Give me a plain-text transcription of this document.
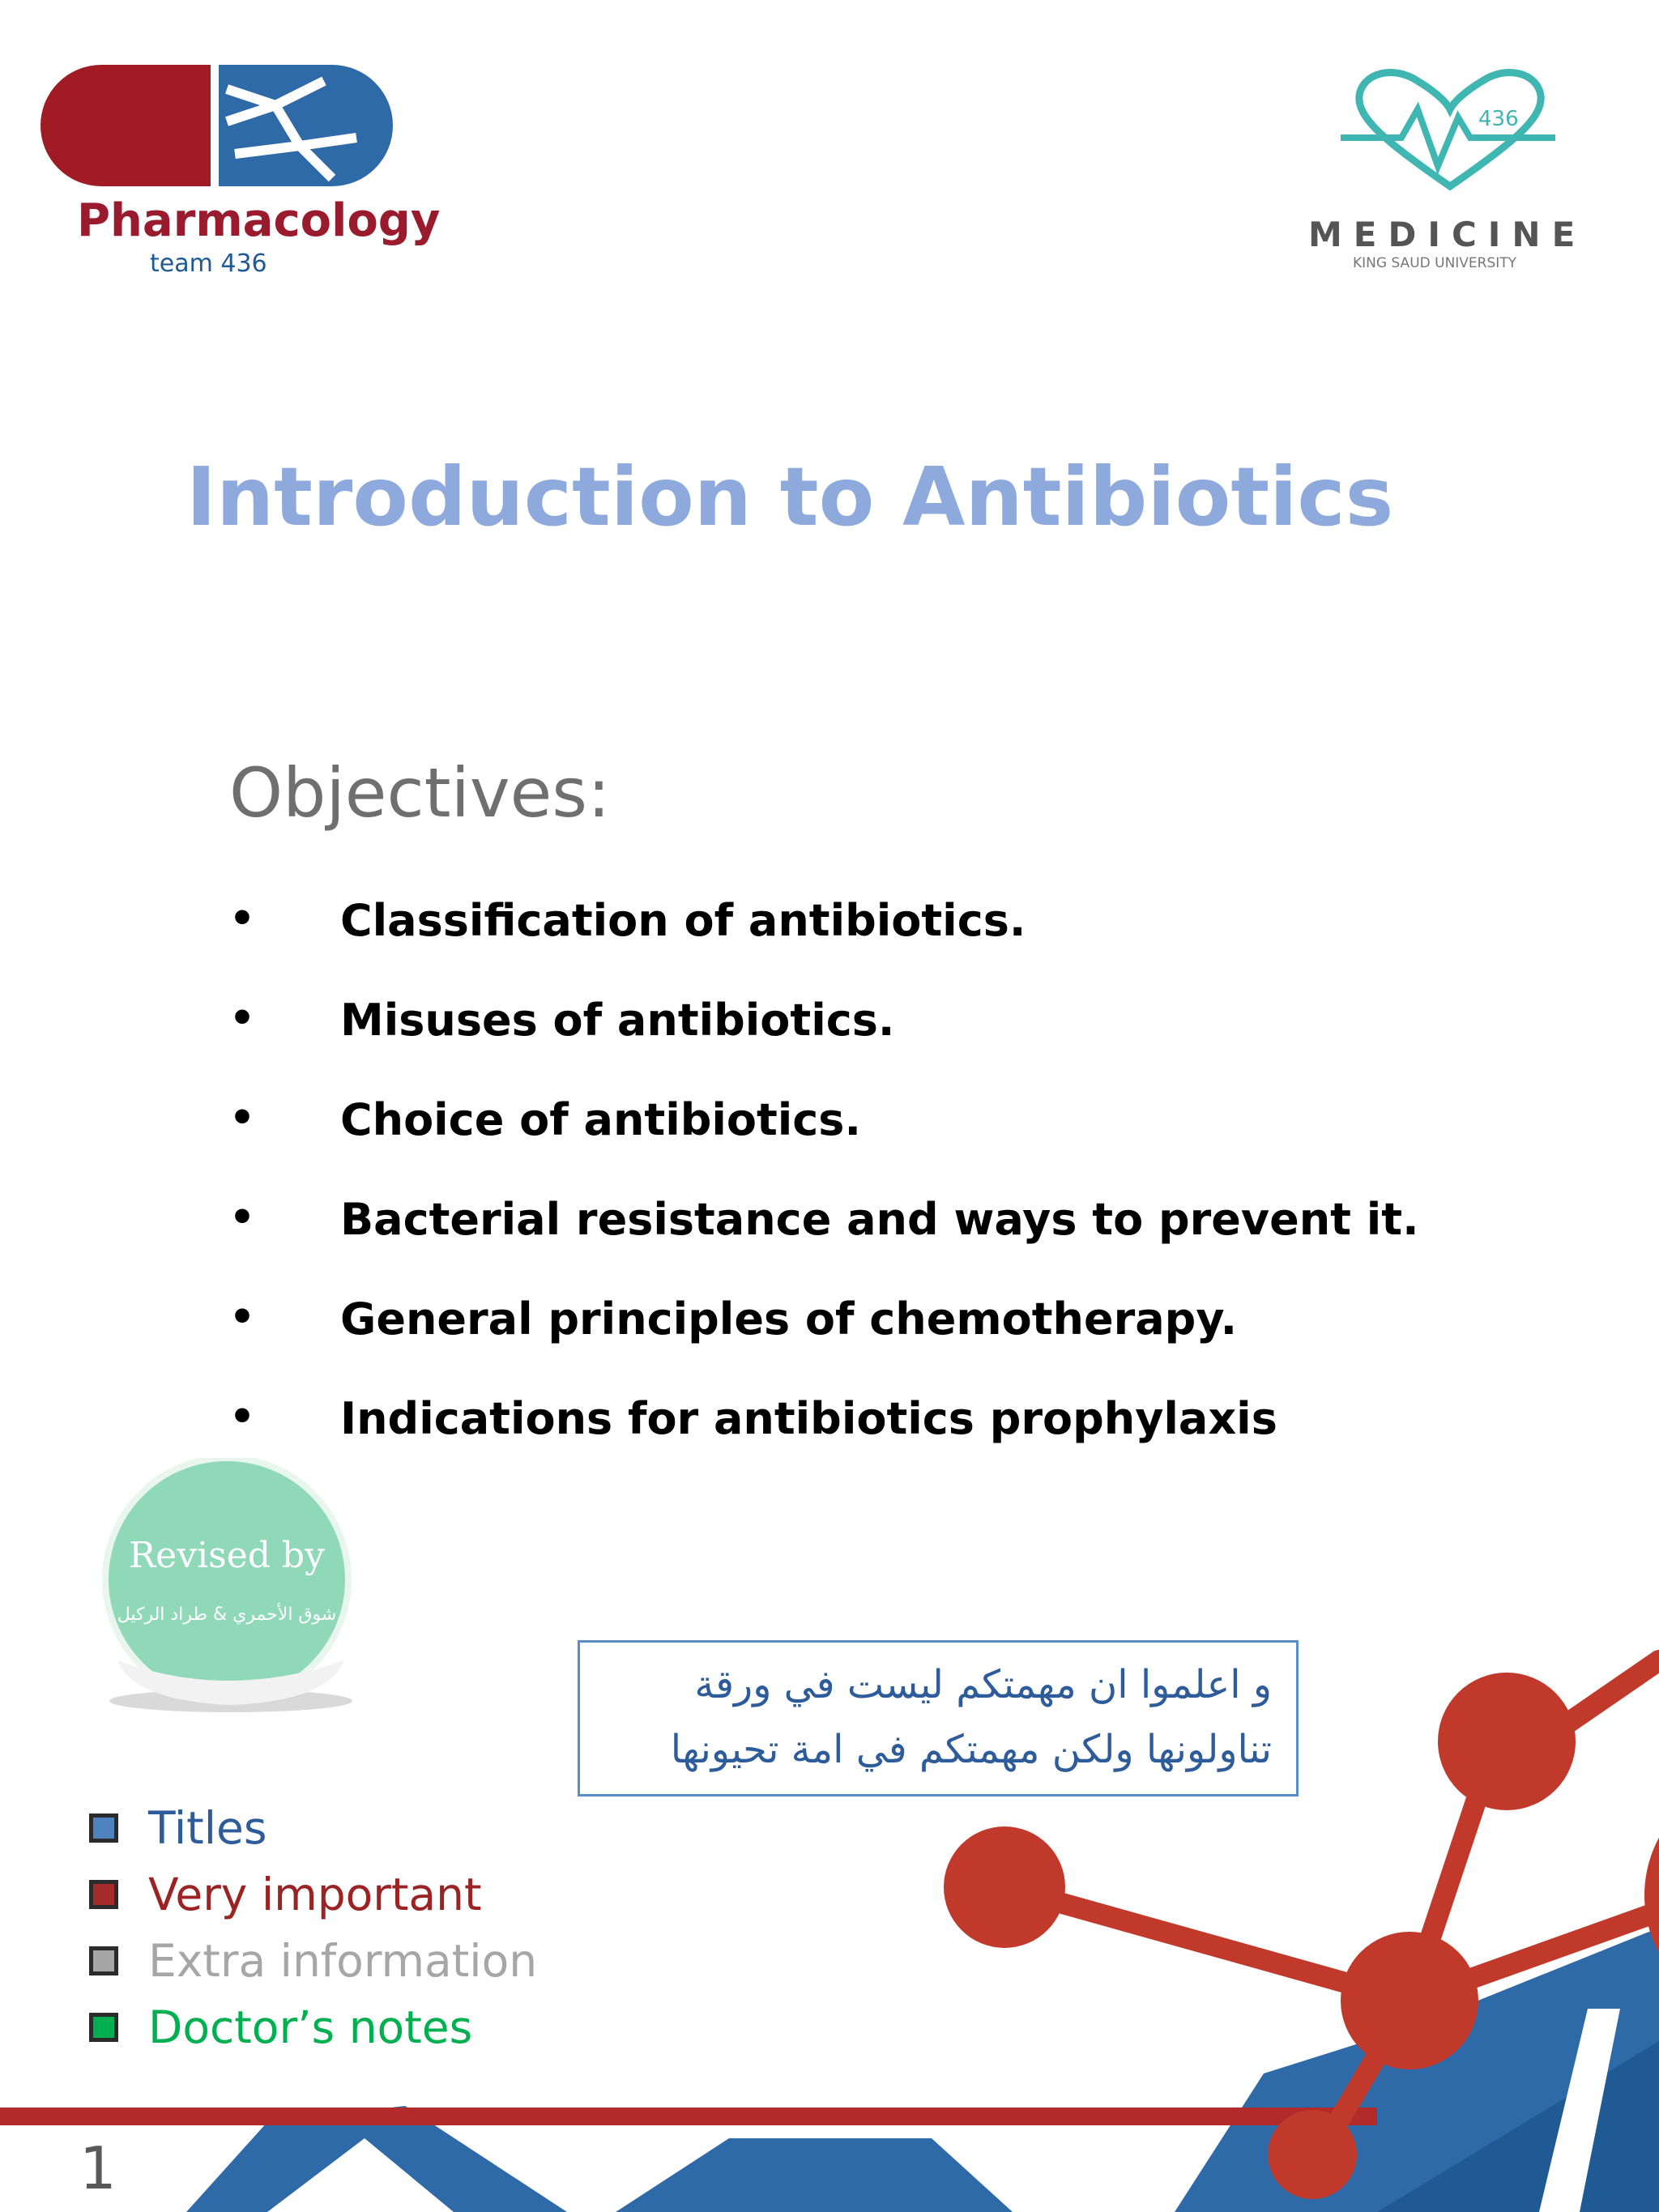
Pharmacology
team 436
436
MEDICINE
KING SAUD UNIVERSITY
Introduction to Antibiotics
Objectives:
• Classification of antibiotics.
• Misuses of antibiotics.
• Choice of antibiotics.
• Bacterial resistance and ways to prevent it.
• General principles of chemotherapy.
• Indications for antibiotics prophylaxis
Revised by
شوق الأحمري & طراد الركيل
و اعلموا ان مهمتكم ليست في ورقة
تناولونها ولكن مهمتكم في امة تحيونها
Titles
Very important
Extra information
Doctor’s notes
1
